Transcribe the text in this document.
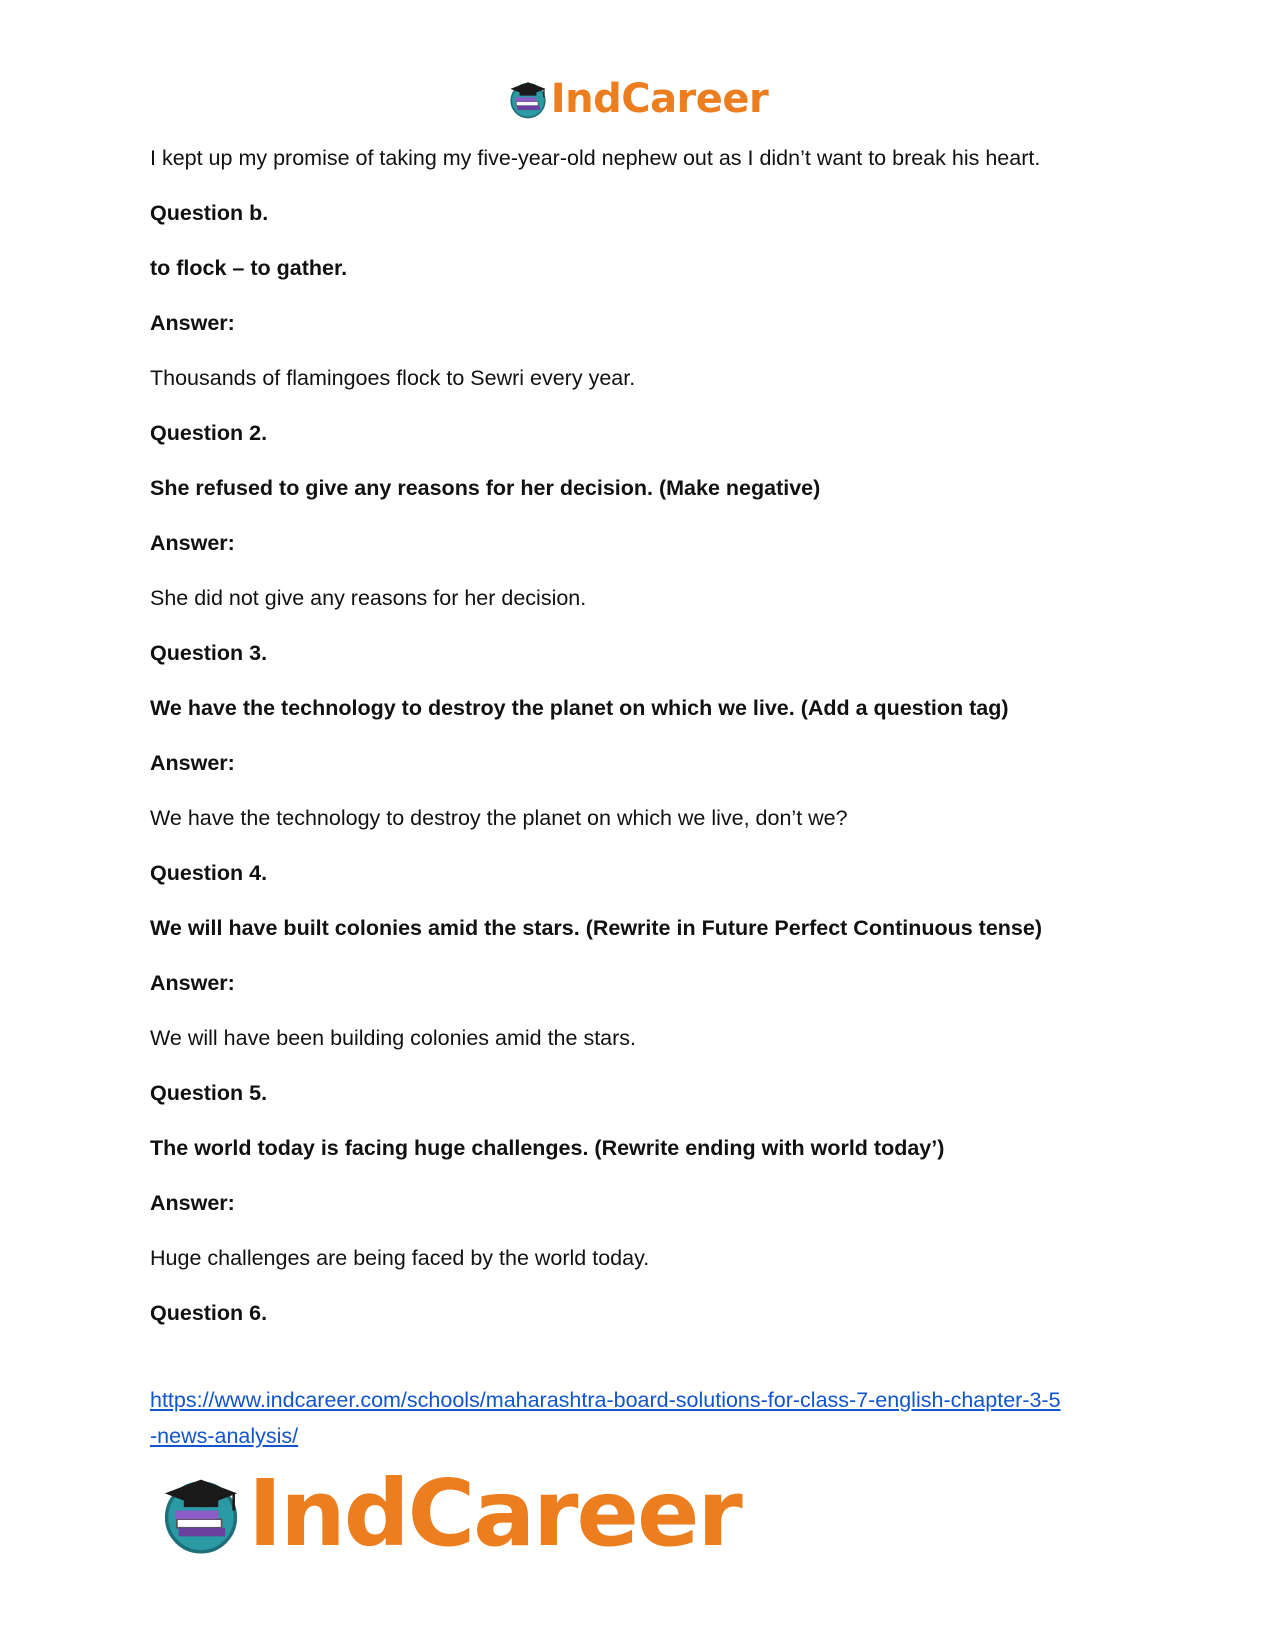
IndCareer

I kept up my promise of taking my five-year-old nephew out as I didn’t want to break his heart.

Question b.

to flock – to gather.

Answer:

Thousands of flamingoes flock to Sewri every year.

Question 2.

She refused to give any reasons for her decision. (Make negative)

Answer:

She did not give any reasons for her decision.

Question 3.

We have the technology to destroy the planet on which we live. (Add a question tag)

Answer:

We have the technology to destroy the planet on which we live, don’t we?

Question 4.

We will have built colonies amid the stars. (Rewrite in Future Perfect Continuous tense)

Answer:

We will have been building colonies amid the stars.

Question 5.

The world today is facing huge challenges. (Rewrite ending with world today’)

Answer:

Huge challenges are being faced by the world today.

Question 6.

https://www.indcareer.com/schools/maharashtra-board-solutions-for-class-7-english-chapter-3-5
-news-analysis/
IndCareer
